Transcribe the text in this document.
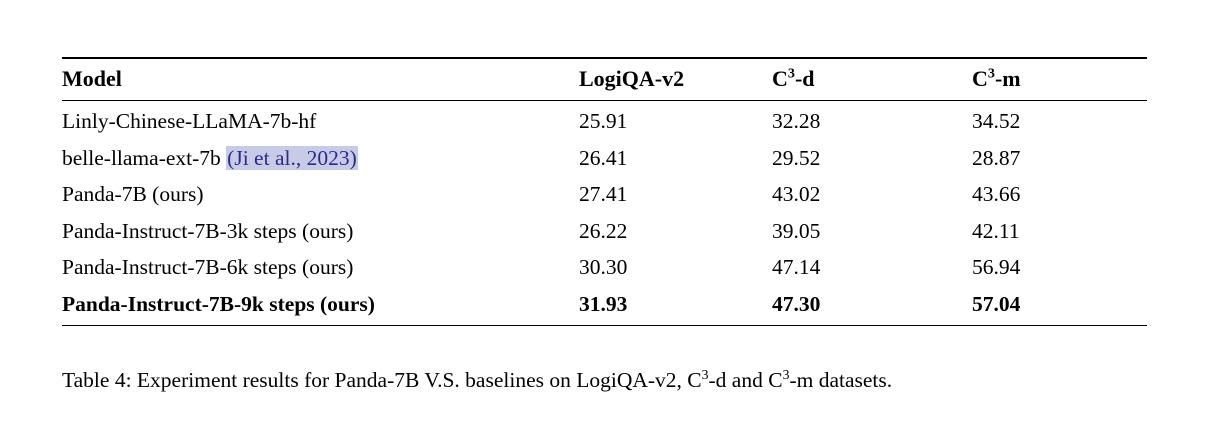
Model	LogiQA-v2	$C^3-d$	$C^3-m$

Linly-Chinese-LLaMA-7b-hf	25.91	32.28	34.52
belle-llama-ext-7b (Ji et al., 2023)	26.41	29.52	28.87
Panda-7B (ours)	27.41	43.02	43.66
Panda-Instruct-7B-3k steps (ours)	26.22	39.05	42.11
Panda-Instruct-7B-6k steps (ours)	30.30	47.14	56.94
Panda-Instruct-7B-9k steps (ours)	31.93	47.30	57.04

Table 4: Experiment results for Panda-7B V.S. baselines on LogiQA-v2, $C^3-d$ and $C^3-m$ datasets.
